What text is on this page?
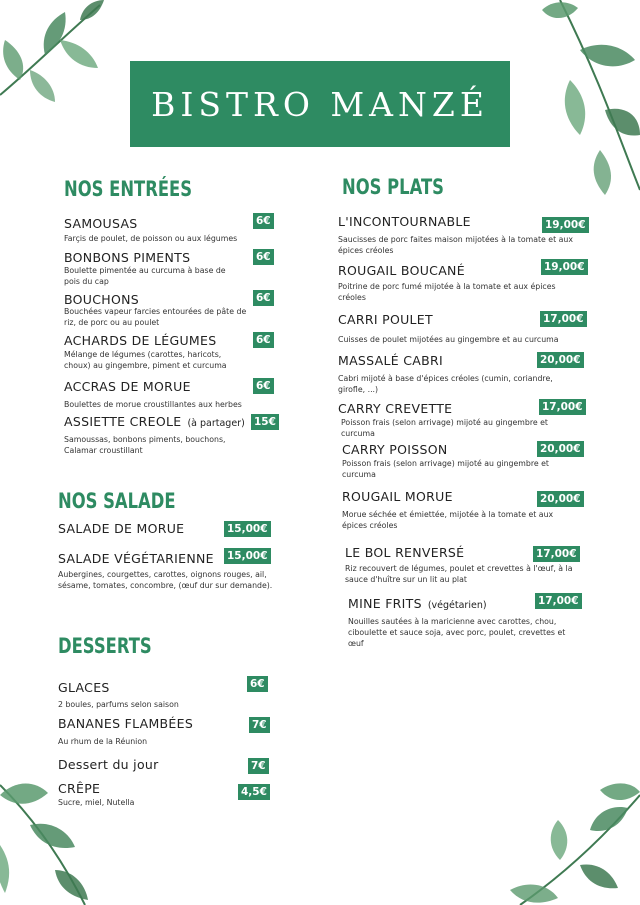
BISTRO MANZÉ
NOS ENTRÉES	NOS PLATS
NOS SALADE
DESSERTS
SAMOUSAS
Farçis de poulet, de poisson ou aux légumes
6€
BONBONS PIMENTS
Boulette pimentée au curcuma à base de pois du cap
6€
BOUCHONS
Bouchées vapeur farcies entourées de pâte de riz, de porc ou au poulet
6€
ACHARDS DE LÉGUMES
Mélange de légumes (carottes, haricots, choux) au gingembre, piment et curcuma
6€
ACCRAS DE MORUE
Boulettes de morue croustillantes aux herbes
6€
ASSIETTE CREOLE (à partager)
Samoussas, bonbons piments, bouchons, Calamar croustillant
15€
SALADE DE MORUE	15,00€
SALADE VÉGÉTARIENNE
Aubergines, courgettes, carottes, oignons rouges, ail, sésame, tomates, concombre, (œuf dur sur demande).
15,00€
GLACES
2 boules, parfums selon saison
6€
BANANES FLAMBÉES
Au rhum de la Réunion
7€
Dessert du jour	7€
CRÊPE
Sucre, miel, Nutella
4,5€
L'INCONTOURNABLE
Saucisses de porc faites maison mijotées à la tomate et aux épices créoles
19,00€
ROUGAIL BOUCANÉ
Poitrine de porc fumé mijotée à la tomate et aux épices créoles
19,00€
CARRI POULET
Cuisses de poulet mijotées au gingembre et au curcuma
17,00€
MASSALÉ CABRI
Cabri mijoté à base d'épices créoles (cumin, coriandre, girofle, ...)
20,00€
CARRY CREVETTE
Poisson frais (selon arrivage) mijoté au gingembre et curcuma
17,00€
CARRY POISSON
Poisson frais (selon arrivage) mijoté au gingembre et curcuma
20,00€
ROUGAIL MORUE
Morue séchée et émiettée, mijotée à la tomate et aux épices créoles
20,00€
LE BOL RENVERSÉ
Riz recouvert de légumes, poulet et crevettes à l'œuf, à la sauce d'huître sur un lit au plat
17,00€
MINE FRITS (végétarien)
Nouilles sautées à la maricienne avec carottes, chou, ciboulette et sauce soja, avec porc, poulet, crevettes et œuf
17,00€
